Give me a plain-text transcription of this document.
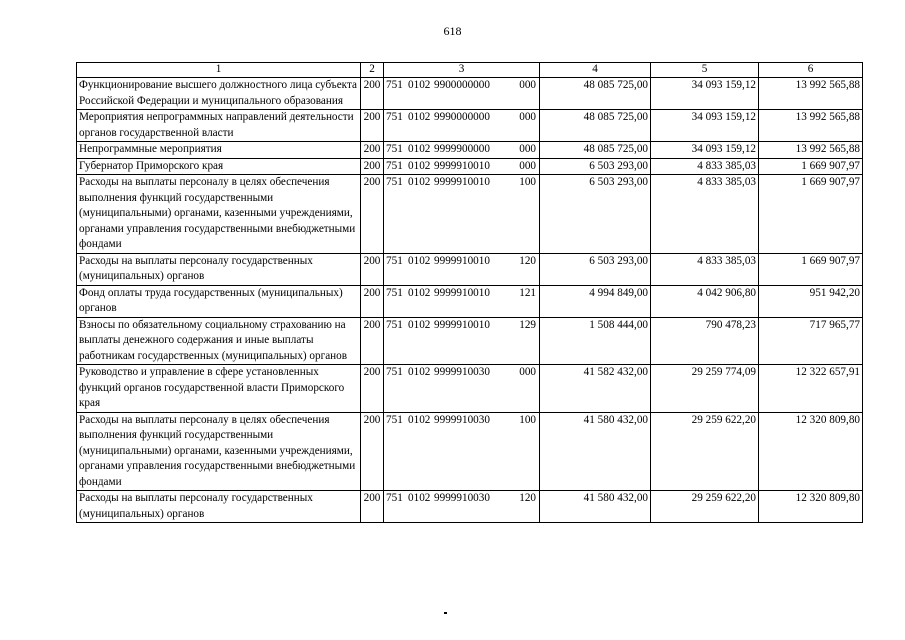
618
1	2	3	4	5	6
Функционирование высшего должностного лица субъекта Российской Федерации и муниципального образования	200	751 0102 9900000000 000	48 085 725,00	34 093 159,12	13 992 565,88
Мероприятия непрограммных направлений деятельности органов государственной власти	200	751 0102 9990000000 000	48 085 725,00	34 093 159,12	13 992 565,88
Непрограммные мероприятия	200	751 0102 9999900000 000	48 085 725,00	34 093 159,12	13 992 565,88
Губернатор Приморского края	200	751 0102 9999910010 000	6 503 293,00	4 833 385,03	1 669 907,97
Расходы на выплаты персоналу в целях обеспечения выполнения функций государственными (муниципальными) органами, казенными учреждениями, органами управления государственными внебюджетными фондами	200	751 0102 9999910010 100	6 503 293,00	4 833 385,03	1 669 907,97
Расходы на выплаты персоналу государственных (муниципальных) органов	200	751 0102 9999910010 120	6 503 293,00	4 833 385,03	1 669 907,97
Фонд оплаты труда государственных (муниципальных) органов	200	751 0102 9999910010 121	4 994 849,00	4 042 906,80	951 942,20
Взносы по обязательному социальному страхованию на выплаты денежного содержания и иные выплаты работникам государственных (муниципальных) органов	200	751 0102 9999910010 129	1 508 444,00	790 478,23	717 965,77
Руководство и управление в сфере установленных функций органов государственной власти Приморского края	200	751 0102 9999910030 000	41 582 432,00	29 259 774,09	12 322 657,91
Расходы на выплаты персоналу в целях обеспечения выполнения функций государственными (муниципальными) органами, казенными учреждениями, органами управления государственными внебюджетными фондами	200	751 0102 9999910030 100	41 580 432,00	29 259 622,20	12 320 809,80
Расходы на выплаты персоналу государственных (муниципальных) органов	200	751 0102 9999910030 120	41 580 432,00	29 259 622,20	12 320 809,80
